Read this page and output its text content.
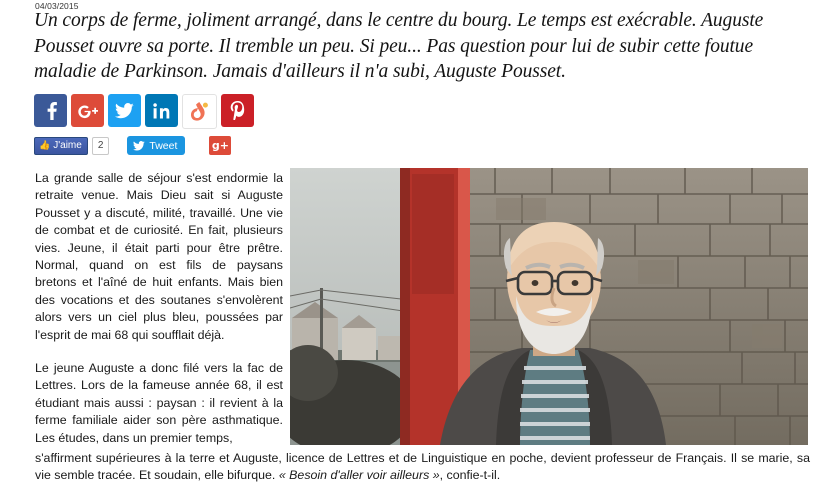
04/03/2015
Un corps de ferme, joliment arrangé, dans le centre du bourg. Le temps est exécrable. Auguste Pousset ouvre sa porte. Il tremble un peu. Si peu... Pas question pour lui de subir cette foutue maladie de Parkinson. Jamais d'ailleurs il n'a subi, Auguste Pousset.
👍 J'aime	2	Tweet	g+

La grande salle de séjour s'est endormie la retraite venue. Mais Dieu sait si Auguste Pousset y a discuté, milité, travaillé. Une vie de combat et de curiosité. En fait, plusieurs vies. Jeune, il était parti pour être prêtre. Normal, quand on est fils de paysans bretons et l'aîné de huit enfants. Mais bien des vocations et des soutanes s'envolèrent alors vers un ciel plus bleu, poussées par l'esprit de mai 68 qui soufflait déjà.

Le jeune Auguste a donc filé vers la fac de Lettres. Lors de la fameuse année 68, il est étudiant mais aussi : paysan : il revient à la ferme familiale aider son père asthmatique. Les études, dans un premier temps,

s'affirment supérieures à la terre et Auguste, licence de Lettres et de Linguistique en poche, devient professeur de Français. Il se marie, sa vie semble tracée. Et soudain, elle bifurque. « Besoin d'aller voir ailleurs », confie-t-il.
